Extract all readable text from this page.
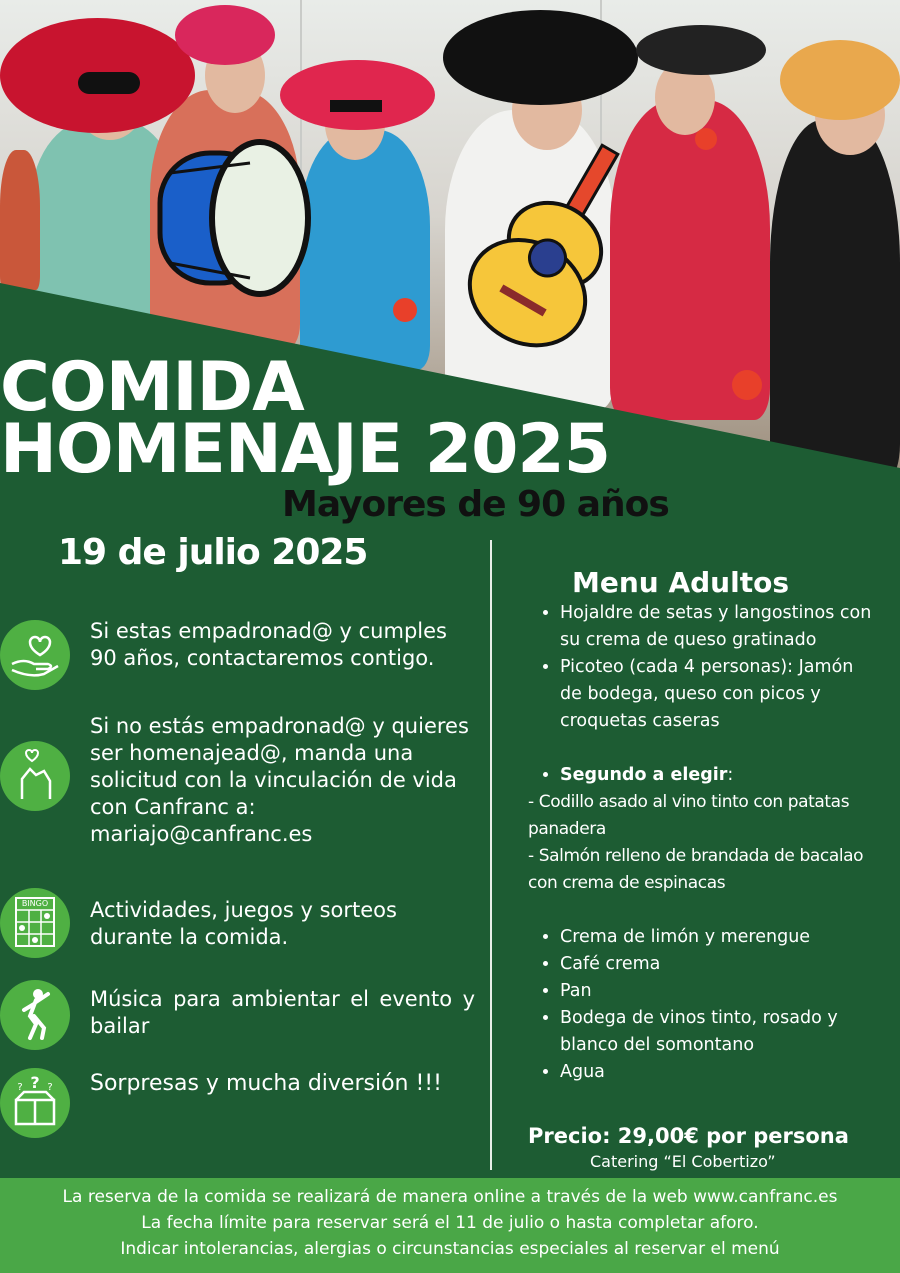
COMIDA
HOMENAJE 2025
Mayores de 90 años
19 de julio 2025
Si estas empadronad@ y cumples 90 años, contactaremos contigo.
Si no estás empadronad@ y quieres ser homenajead@, manda una solicitud con la vinculación de vida con Canfranc a: mariajo@canfranc.es
BINGO Actividades, juegos y sorteos durante la comida.
Música para ambientar el evento y bailar
?
? ? Sorpresas y mucha diversión !!!
Menu Adultos
• Hojaldre de setas y langostinos con su crema de queso gratinado
• Picoteo (cada 4 personas): Jamón de bodega, queso con picos y croquetas caseras
• Segundo a elegir:

- Codillo asado al vino tinto con patatas panadera

- Salmón relleno de brandada de bacalao con crema de espinacas

• Crema de limón y merengue
• Café crema
• Pan
• Bodega de vinos tinto, rosado y blanco del somontano
• Agua
Precio: 29,00€ por persona
Catering “El Cobertizo”
La reserva de la comida se realizará de manera online a través de la web www.canfranc.es
La fecha límite para reservar será el 11 de julio o hasta completar aforo.
Indicar intolerancias, alergias o circunstancias especiales al reservar el menú
